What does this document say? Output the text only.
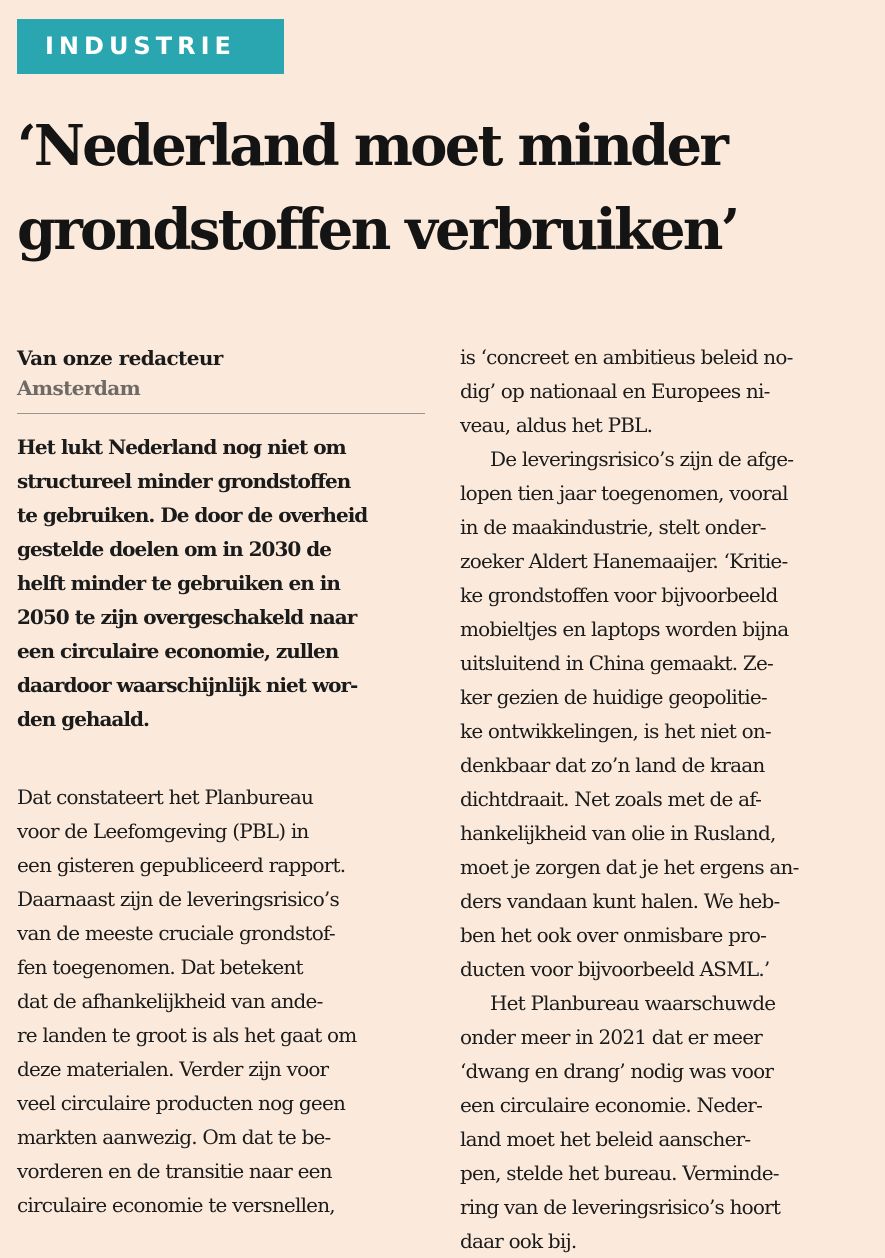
INDUSTRIE
‘Nederland moet minder
grondstoffen verbruiken’
Van onze redacteur
Amsterdam
Het lukt Nederland nog niet om
structureel minder grondstoffen
te gebruiken. De door de overheid
gestelde doelen om in 2030 de
helft minder te gebruiken en in
2050 te zijn overgeschakeld naar
een circulaire economie, zullen
daardoor waarschijnlijk niet wor-
den gehaald.
Dat constateert het Planbureau
voor de Leefomgeving (PBL) in
een gisteren gepubliceerd rapport.
Daarnaast zijn de leveringsrisico’s
van de meeste cruciale grondstof-
fen toegenomen. Dat betekent
dat de afhankelijkheid van ande-
re landen te groot is als het gaat om
deze materialen. Verder zijn voor
veel circulaire producten nog geen
markten aanwezig. Om dat te be-
vorderen en de transitie naar een
circulaire economie te versnellen,
is ‘concreet en ambitieus beleid no-
dig’ op nationaal en Europees ni-
veau, aldus het PBL.
De leveringsrisico’s zijn de afge-
lopen tien jaar toegenomen, vooral
in de maakindustrie, stelt onder-
zoeker Aldert Hanemaaijer. ‘Kritie-
ke grondstoffen voor bijvoorbeeld
mobieltjes en laptops worden bijna
uitsluitend in China gemaakt. Ze-
ker gezien de huidige geopolitie-
ke ontwikkelingen, is het niet on-
denkbaar dat zo’n land de kraan
dichtdraait. Net zoals met de af-
hankelijkheid van olie in Rusland,
moet je zorgen dat je het ergens an-
ders vandaan kunt halen. We heb-
ben het ook over onmisbare pro-
ducten voor bijvoorbeeld ASML.’
Het Planbureau waarschuwde
onder meer in 2021 dat er meer
‘dwang en drang’ nodig was voor
een circulaire economie. Neder-
land moet het beleid aanscher-
pen, stelde het bureau. Verminde-
ring van de leveringsrisico’s hoort
daar ook bij.
